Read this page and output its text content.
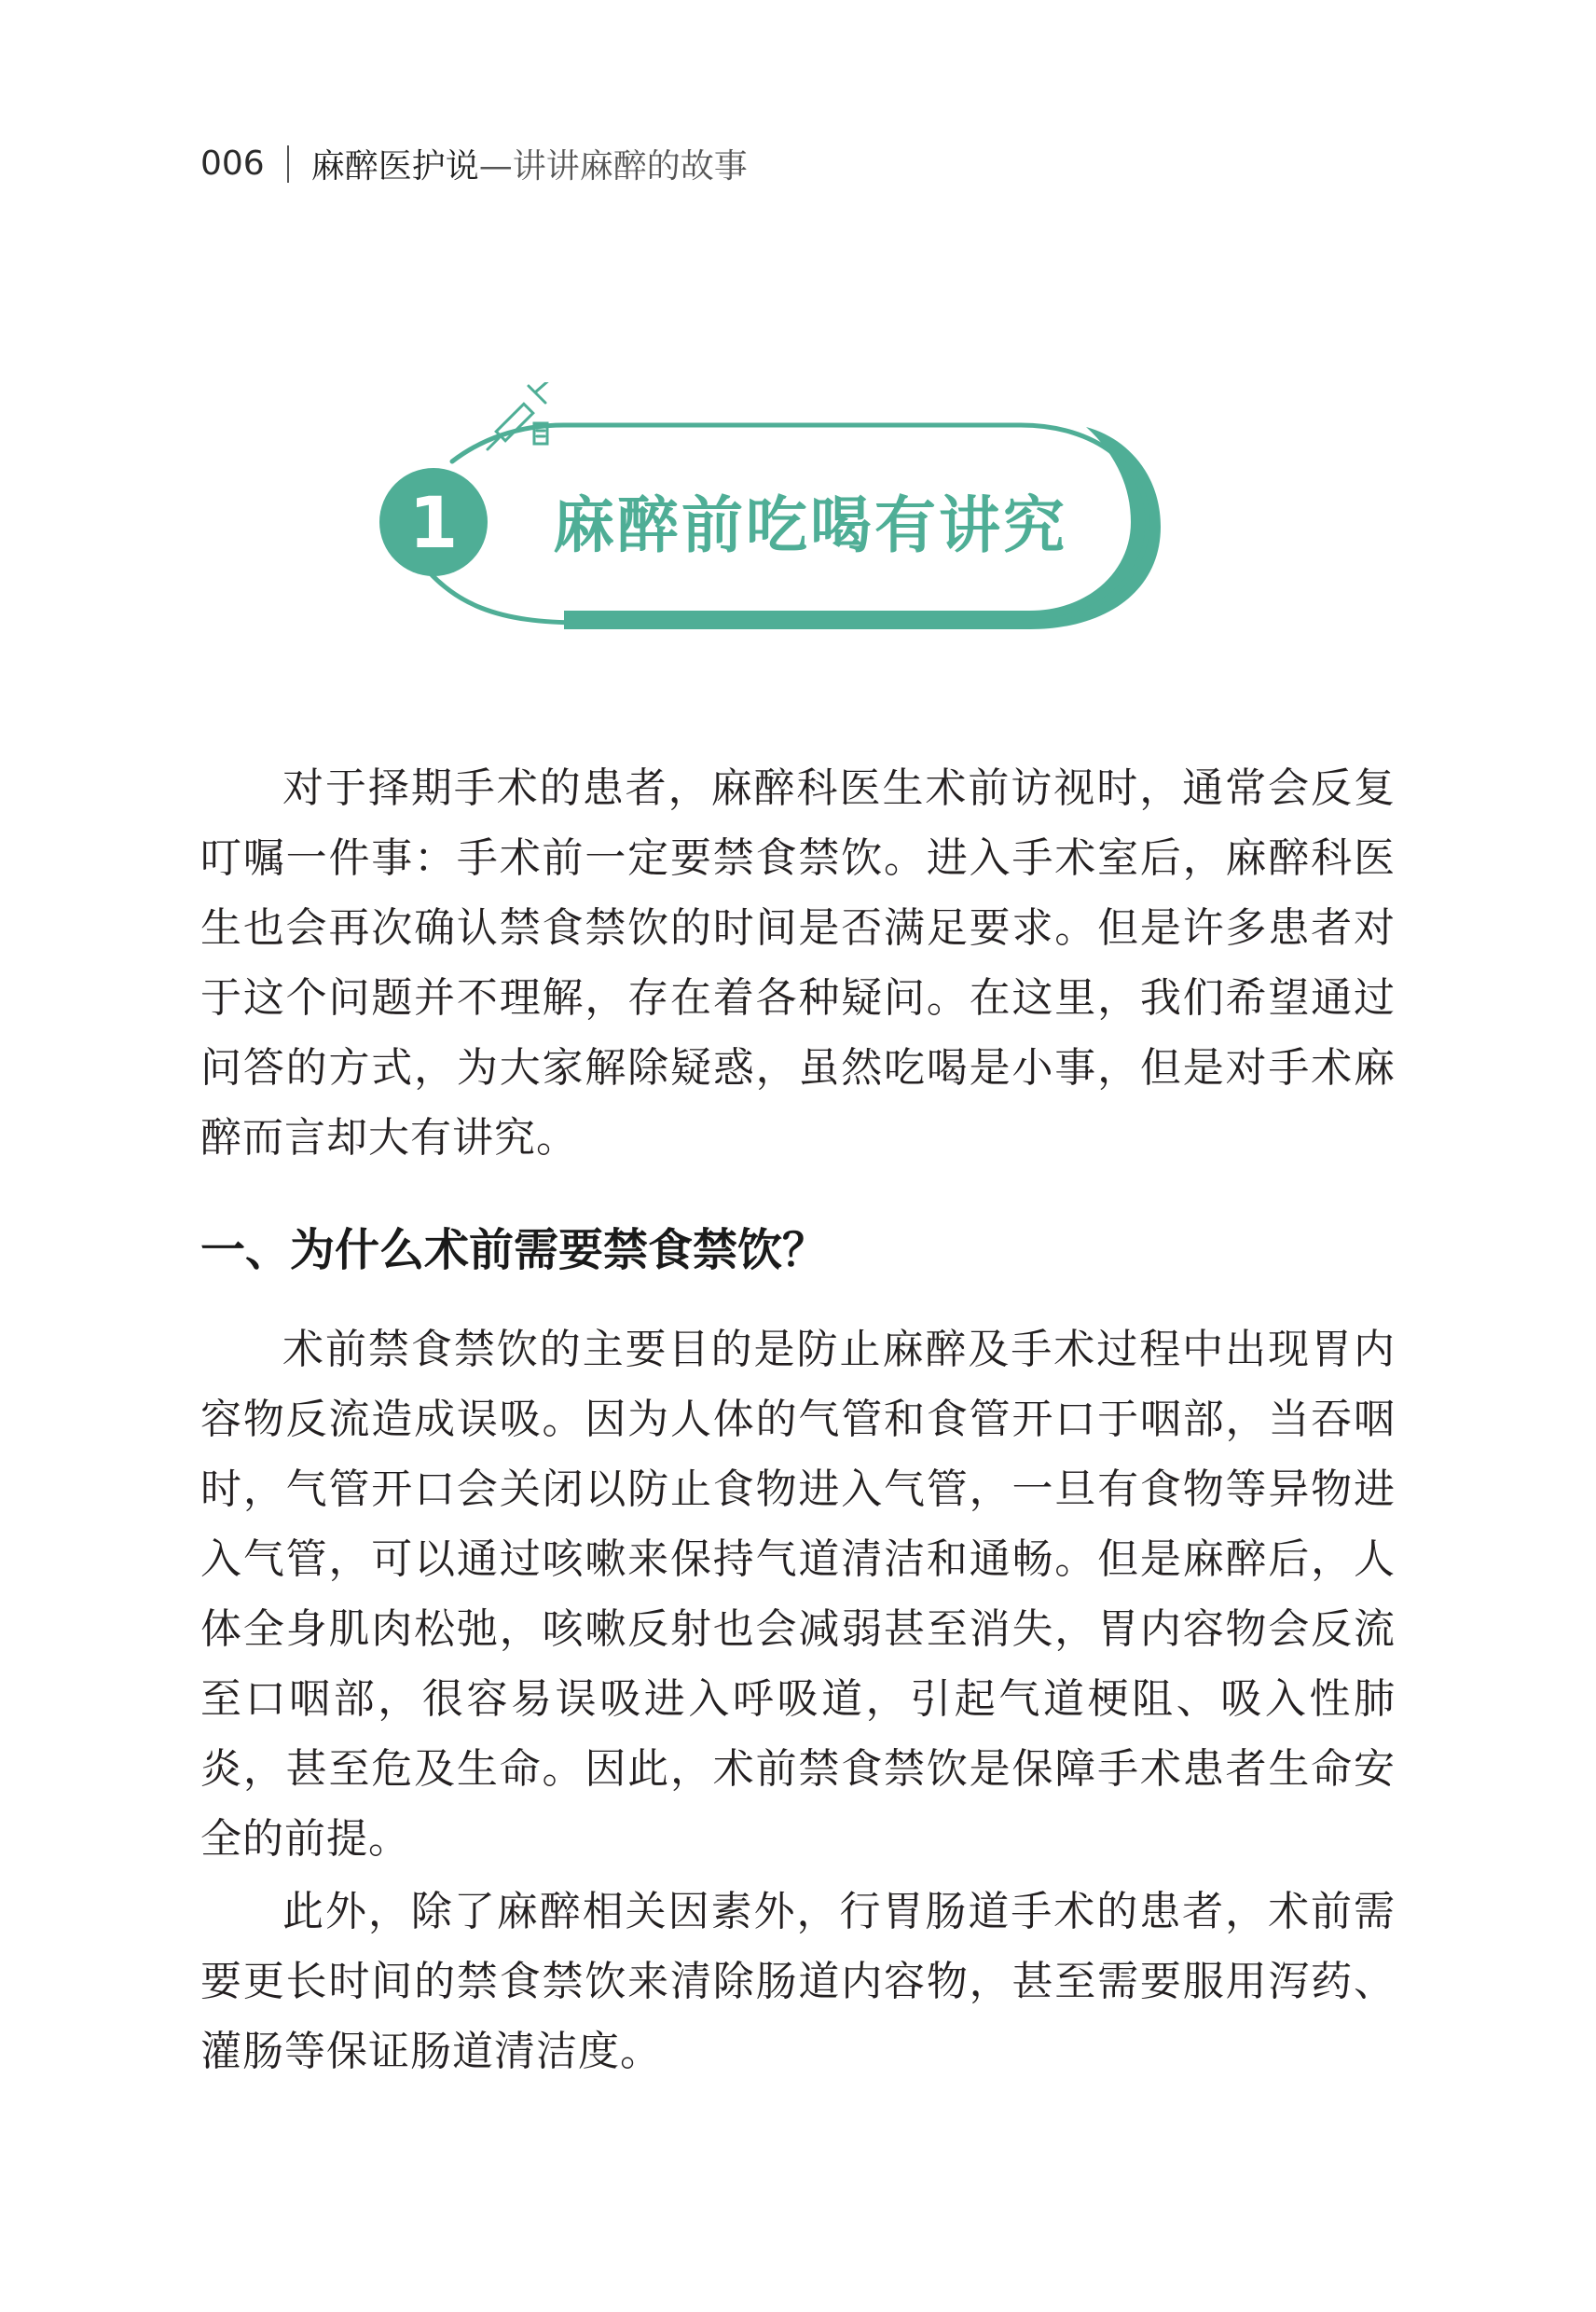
006 麻醉医护说 —讲讲麻醉的故事
1	麻醉前吃喝有讲究

对于择期手术的患者，麻醉科医生术前访视时，通常会反复叮嘱一件事：手术前一定要禁食禁饮。进入手术室后，麻醉科医生也会再次确认禁食禁饮的时间是否满足要求。但是许多患者对于这个问题并不理解，存在着各种疑问。在这里，我们希望通过问答的方式，为大家解除疑惑，虽然吃喝是小事，但是对手术麻醉而言却大有讲究。

一、为什么术前需要禁食禁饮？

术前禁食禁饮的主要目的是防止麻醉及手术过程中出现胃内容物反流造成误吸。因为人体的气管和食管开口于咽部，当吞咽时，气管开口会关闭以防止食物进入气管，一旦有食物等异物进入气管，可以通过咳嗽来保持气道清洁和通畅。但是麻醉后，人体全身肌肉松弛，咳嗽反射也会减弱甚至消失，胃内容物会反流至口咽部，很容易误吸进入呼吸道，引起气道梗阻、吸入性肺炎，甚至危及生命。因此，术前禁食禁饮是保障手术患者生命安全的前提。

此外，除了麻醉相关因素外，行胃肠道手术的患者，术前需要更长时间的禁食禁饮来清除肠道内容物，甚至需要服用泻药、灌肠等保证肠道清洁度。
